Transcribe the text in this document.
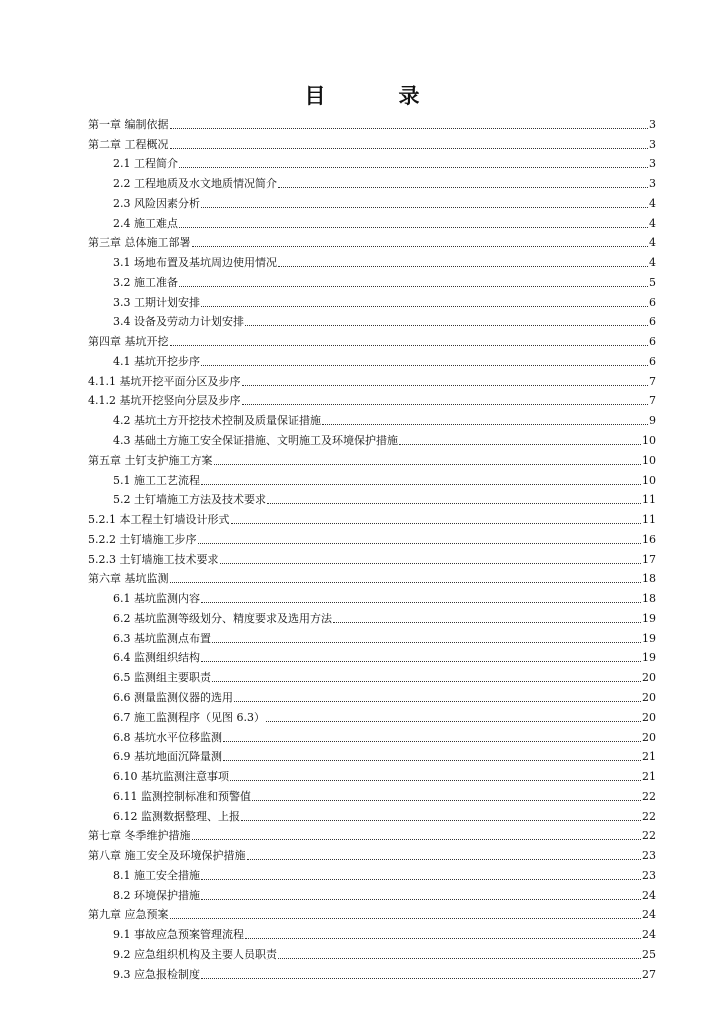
目　录
第一章 编制依据	3
第二章 工程概况	3
2.1 工程简介	3
2.2 工程地质及水文地质情况简介	3
2.3 风险因素分析	4
2.4 施工难点	4
第三章 总体施工部署	4
3.1 场地布置及基坑周边使用情况	4
3.2 施工准备	5
3.3 工期计划安排	6
3.4 设备及劳动力计划安排	6
第四章 基坑开挖	6
4.1 基坑开挖步序	6
4.1.1 基坑开挖平面分区及步序	7
4.1.2 基坑开挖竖向分层及步序	7
4.2 基坑土方开挖技术控制及质量保证措施	9
4.3 基础土方施工安全保证措施、文明施工及环境保护措施	10
第五章 土钉支护施工方案	10
5.1 施工工艺流程	10
5.2 土钉墙施工方法及技术要求	11
5.2.1 本工程土钉墙设计形式	11
5.2.2 土钉墙施工步序	16
5.2.3 土钉墙施工技术要求	17
第六章 基坑监测	18
6.1 基坑监测内容	18
6.2 基坑监测等级划分、精度要求及选用方法	19
6.3 基坑监测点布置	19
6.4 监测组织结构	19
6.5 监测组主要职责	20
6.6 测量监测仪器的选用	20
6.7 施工监测程序（见图 6.3）	20
6.8 基坑水平位移监测	20
6.9 基坑地面沉降量测	21
6.10 基坑监测注意事项	21
6.11 监测控制标准和预警值	22
6.12 监测数据整理、上报	22
第七章 冬季维护措施	22
第八章 施工安全及环境保护措施	23
8.1 施工安全措施	23
8.2 环境保护措施	24
第九章 应急预案	24
9.1 事故应急预案管理流程	24
9.2 应急组织机构及主要人员职责	25
9.3 应急报检制度	27
